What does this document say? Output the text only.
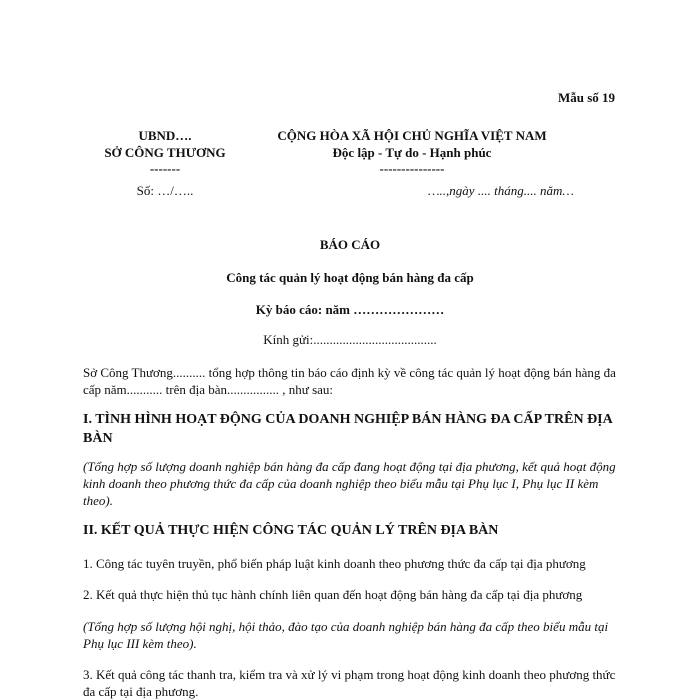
Mẫu số 19
UBND….
SỞ CÔNG THƯƠNG
-------
Số: …/…..
CỘNG HÒA XÃ HỘI CHỦ NGHĨA VIỆT NAM
Độc lập - Tự do - Hạnh phúc
---------------
…..,ngày .... tháng.... năm…
BÁO CÁO
Công tác quản lý hoạt động bán hàng đa cấp
Kỳ báo cáo: năm …………………
Kính gửi:......................................
Sở Công Thương.......... tổng hợp thông tin báo cáo định kỳ về công tác quản lý hoạt động bán hàng đa cấp năm........... trên địa bàn................ , như sau:
I. TÌNH HÌNH HOẠT ĐỘNG CỦA DOANH NGHIỆP BÁN HÀNG ĐA CẤP TRÊN ĐỊA BÀN
(Tổng hợp số lượng doanh nghiệp bán hàng đa cấp đang hoạt động tại địa phương, kết quả hoạt động kinh doanh theo phương thức đa cấp của doanh nghiệp theo biểu mẫu tại Phụ lục I, Phụ lục II kèm theo).
II. KẾT QUẢ THỰC HIỆN CÔNG TÁC QUẢN LÝ TRÊN ĐỊA BÀN
1. Công tác tuyên truyền, phổ biến pháp luật kinh doanh theo phương thức đa cấp tại địa phương
2. Kết quả thực hiện thủ tục hành chính liên quan đến hoạt động bán hàng đa cấp tại địa phương
(Tổng hợp số lượng hội nghị, hội thảo, đào tạo của doanh nghiệp bán hàng đa cấp theo biểu mẫu tại Phụ lục III kèm theo).
3. Kết quả công tác thanh tra, kiểm tra và xử lý vi phạm trong hoạt động kinh doanh theo phương thức đa cấp tại địa phương.
